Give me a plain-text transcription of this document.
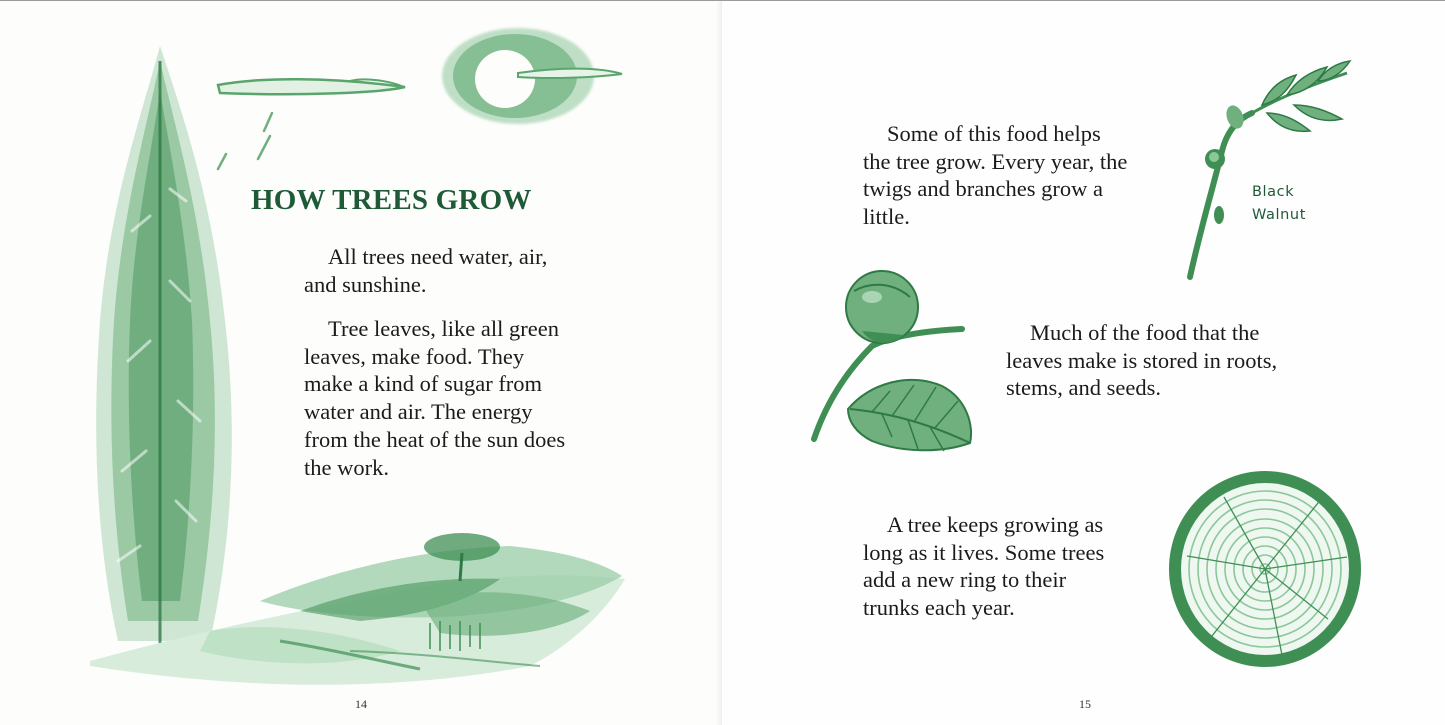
HOW TREES GROW

All trees need water, air,
and sunshine.

Tree leaves, like all green
leaves, make food. They
make a kind of sugar from
water and air. The energy
from the heat of the sun does
the work.

14

Some of this food helps
the tree grow. Every year, the
twigs and branches grow a
little.

Black
Walnut

Much of the food that the
leaves make is stored in roots,
stems, and seeds.

A tree keeps growing as
long as it lives. Some trees
add a new ring to their
trunks each year.

15
